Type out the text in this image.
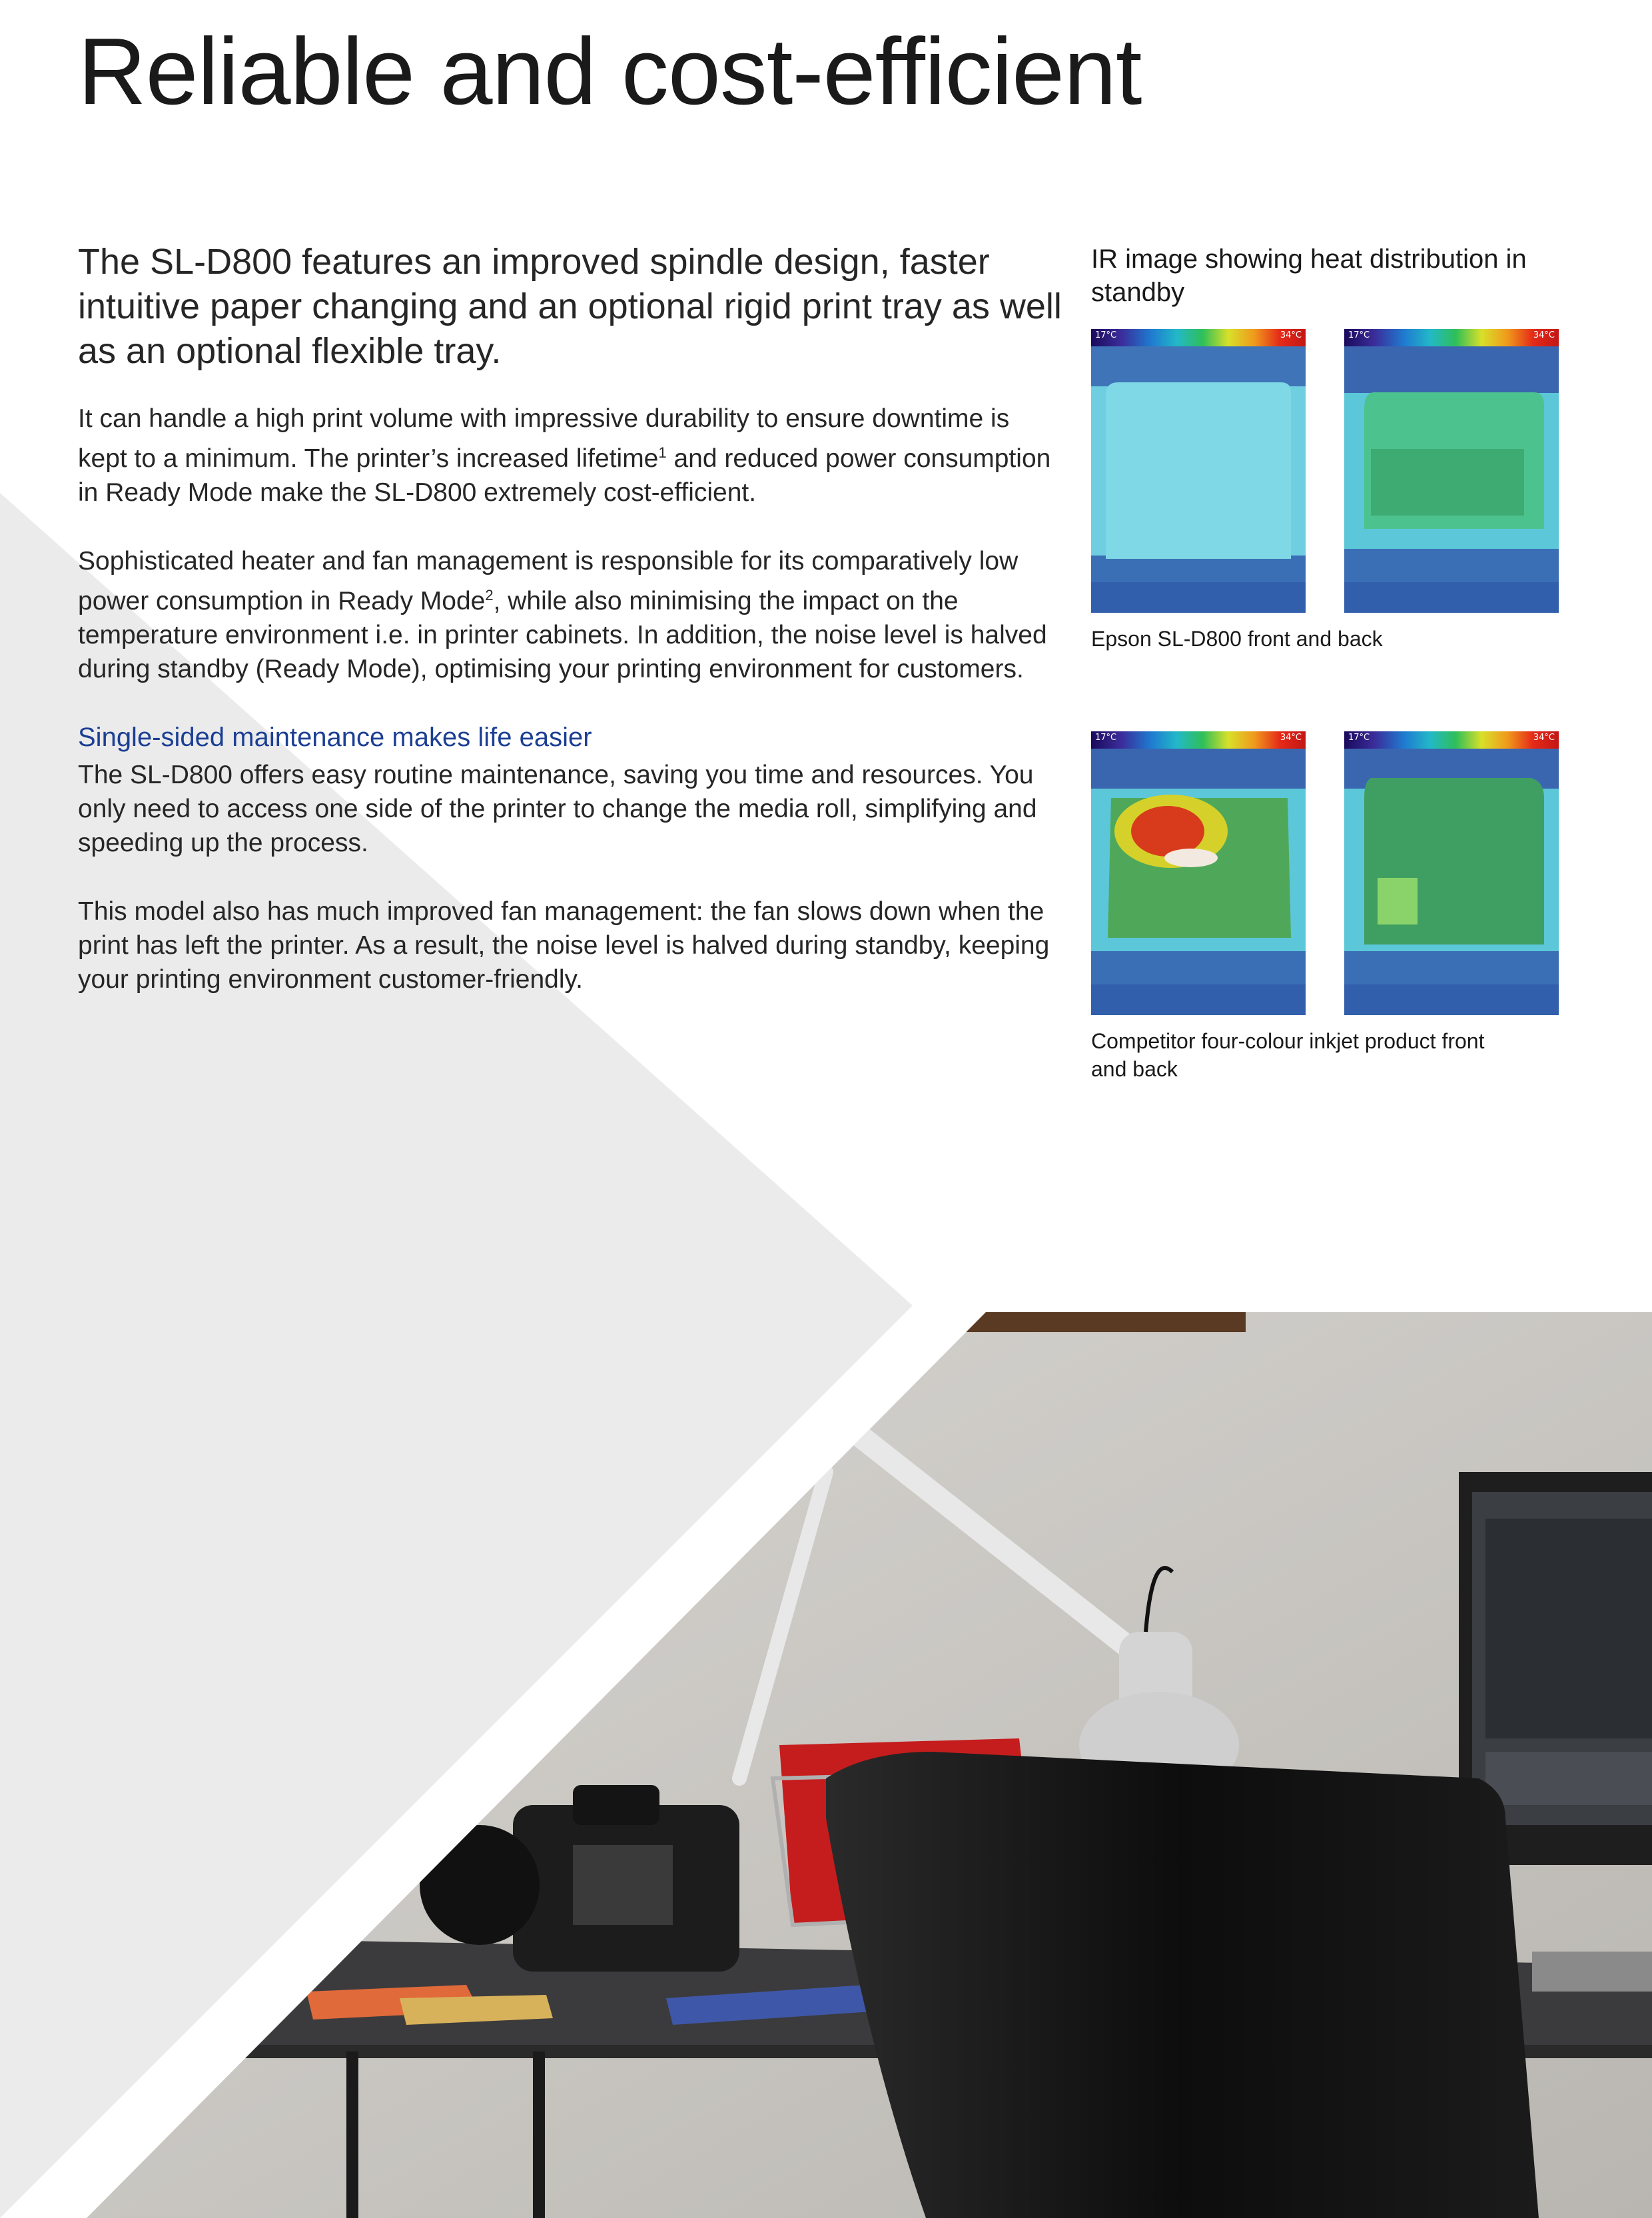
Reliable and cost-efficient

The SL-D800 features an improved spindle design, faster intuitive paper changing and an optional rigid print tray as well as an optional flexible tray.

It can handle a high print volume with impressive durability to ensure downtime is kept to a minimum. The printer’s increased lifetime$^1$ and reduced power consumption in Ready Mode make the SL-D800 extremely cost-efficient.

Sophisticated heater and fan management is responsible for its comparatively low power consumption in Ready Mode$^2$, while also minimising the impact on the temperature environment i.e. in printer cabinets. In addition, the noise level is halved during standby (Ready Mode), optimising your printing environment for customers.

Single-sided maintenance makes life easier

The SL-D800 offers easy routine maintenance, saving you time and resources. You only need to access one side of the printer to change the media roll, simplifying and speeding up the process.

This model also has much improved fan management: the fan slows down when the print has left the printer. As a result, the noise level is halved during standby, keeping your printing environment customer-friendly.

IR image showing heat distribution in standby

17°C	34°C	17°C	34°C

Epson SL-D800 front and back

17°C	34°C	17°C	34°C

Competitor four-colour inkjet product front and back
